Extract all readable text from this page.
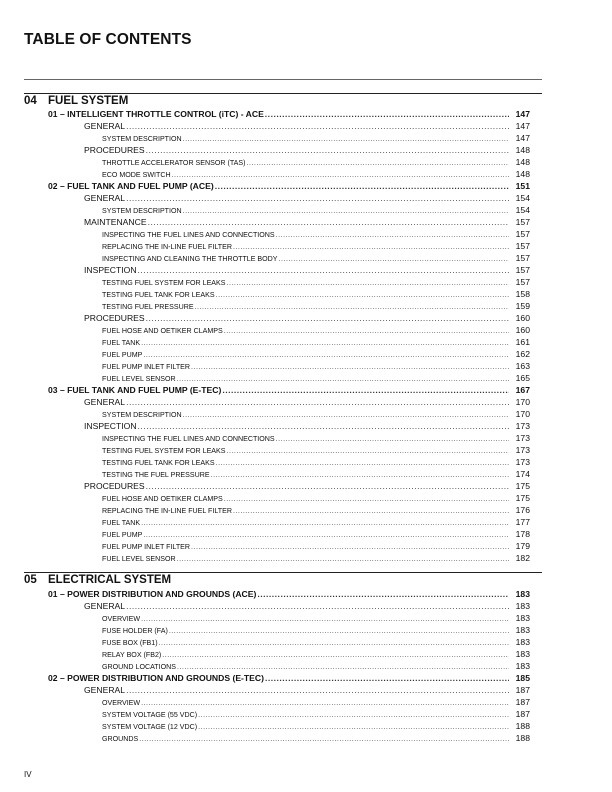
TABLE OF CONTENTS
04 FUEL SYSTEM
01 – INTELLIGENT THROTTLE CONTROL (iTC) - ACE .....	147
GENERAL .....	147
SYSTEM DESCRIPTION .....	147
PROCEDURES .....	148
THROTTLE ACCELERATOR SENSOR (TAS) .....	148
ECO MODE SWITCH .....	148
02 – FUEL TANK AND FUEL PUMP (ACE) .....	151
GENERAL .....	154
SYSTEM DESCRIPTION .....	154
MAINTENANCE .....	157
INSPECTING THE FUEL LINES AND CONNECTIONS .....	157
REPLACING THE IN-LINE FUEL FILTER .....	157
INSPECTING AND CLEANING THE THROTTLE BODY .....	157
INSPECTION .....	157
TESTING FUEL SYSTEM FOR LEAKS .....	157
TESTING FUEL TANK FOR LEAKS .....	158
TESTING FUEL PRESSURE .....	159
PROCEDURES .....	160
FUEL HOSE AND OETIKER CLAMPS .....	160
FUEL TANK .....	161
FUEL PUMP .....	162
FUEL PUMP INLET FILTER .....	163
FUEL LEVEL SENSOR .....	165
03 – FUEL TANK AND FUEL PUMP (E-TEC) .....	167
GENERAL .....	170
SYSTEM DESCRIPTION .....	170
INSPECTION .....	173
INSPECTING THE FUEL LINES AND CONNECTIONS .....	173
TESTING FUEL SYSTEM FOR LEAKS .....	173
TESTING FUEL TANK FOR LEAKS .....	173
TESTING THE FUEL PRESSURE .....	174
PROCEDURES .....	175
FUEL HOSE AND OETIKER CLAMPS .....	175
REPLACING THE IN-LINE FUEL FILTER .....	176
FUEL TANK .....	177
FUEL PUMP .....	178
FUEL PUMP INLET FILTER .....	179
FUEL LEVEL SENSOR .....	182
05 ELECTRICAL SYSTEM
01 – POWER DISTRIBUTION AND GROUNDS (ACE) .....	183
GENERAL .....	183
OVERVIEW .....	183
FUSE HOLDER (FA) .....	183
FUSE BOX (FB1) .....	183
RELAY BOX (FB2) .....	183
GROUND LOCATIONS .....	183
02 – POWER DISTRIBUTION AND GROUNDS (E-TEC) .....	185
GENERAL .....	187
OVERVIEW .....	187
SYSTEM VOLTAGE (55 VDC) .....	187
SYSTEM VOLTAGE (12 VDC) .....	188
GROUNDS .....	188
IV
